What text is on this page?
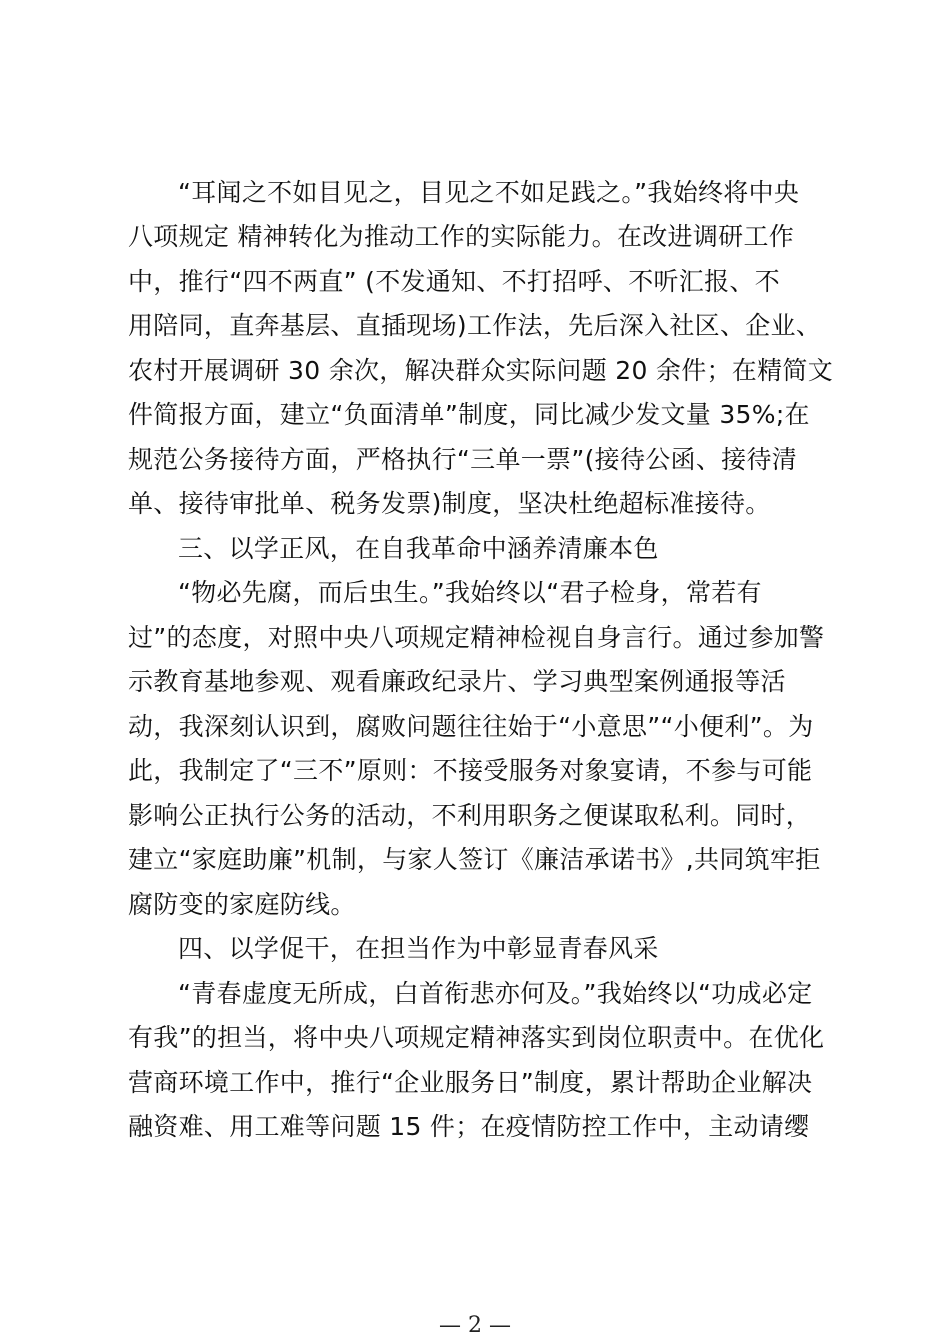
“耳闻之不如目见之，目见之不如足践之。”我始终将中央
八项规定 精神转化为推动工作的实际能力。在改进调研工作
中，推行“四不两直” (不发通知、不打招呼、不听汇报、不
用陪同，直奔基层、直插现场)工作法，先后深入社区、企业、
农村开展调研 30 余次，解决群众实际问题 20 余件；在精简文
件简报方面，建立“负面清单”制度，同比减少发文量 35%;在
规范公务接待方面，严格执行“三单一票”(接待公函、接待清
单、接待审批单、税务发票)制度，坚决杜绝超标准接待。
三、以学正风，在自我革命中涵养清廉本色
“物必先腐，而后虫生。”我始终以“君子检身，常若有
过”的态度，对照中央八项规定精神检视自身言行。通过参加警
示教育基地参观、观看廉政纪录片、学习典型案例通报等活
动，我深刻认识到，腐败问题往往始于“小意思”“小便利”。为
此，我制定了“三不”原则：不接受服务对象宴请，不参与可能
影响公正执行公务的活动，不利用职务之便谋取私利。同时，
建立“家庭助廉”机制，与家人签订《廉洁承诺书》,共同筑牢拒
腐防变的家庭防线。
四、以学促干，在担当作为中彰显青春风采
“青春虚度无所成，白首衔悲亦何及。”我始终以“功成必定
有我”的担当，将中央八项规定精神落实到岗位职责中。在优化
营商环境工作中，推行“企业服务日”制度，累计帮助企业解决
融资难、用工难等问题 15 件；在疫情防控工作中，主动请缨
— 2 —
